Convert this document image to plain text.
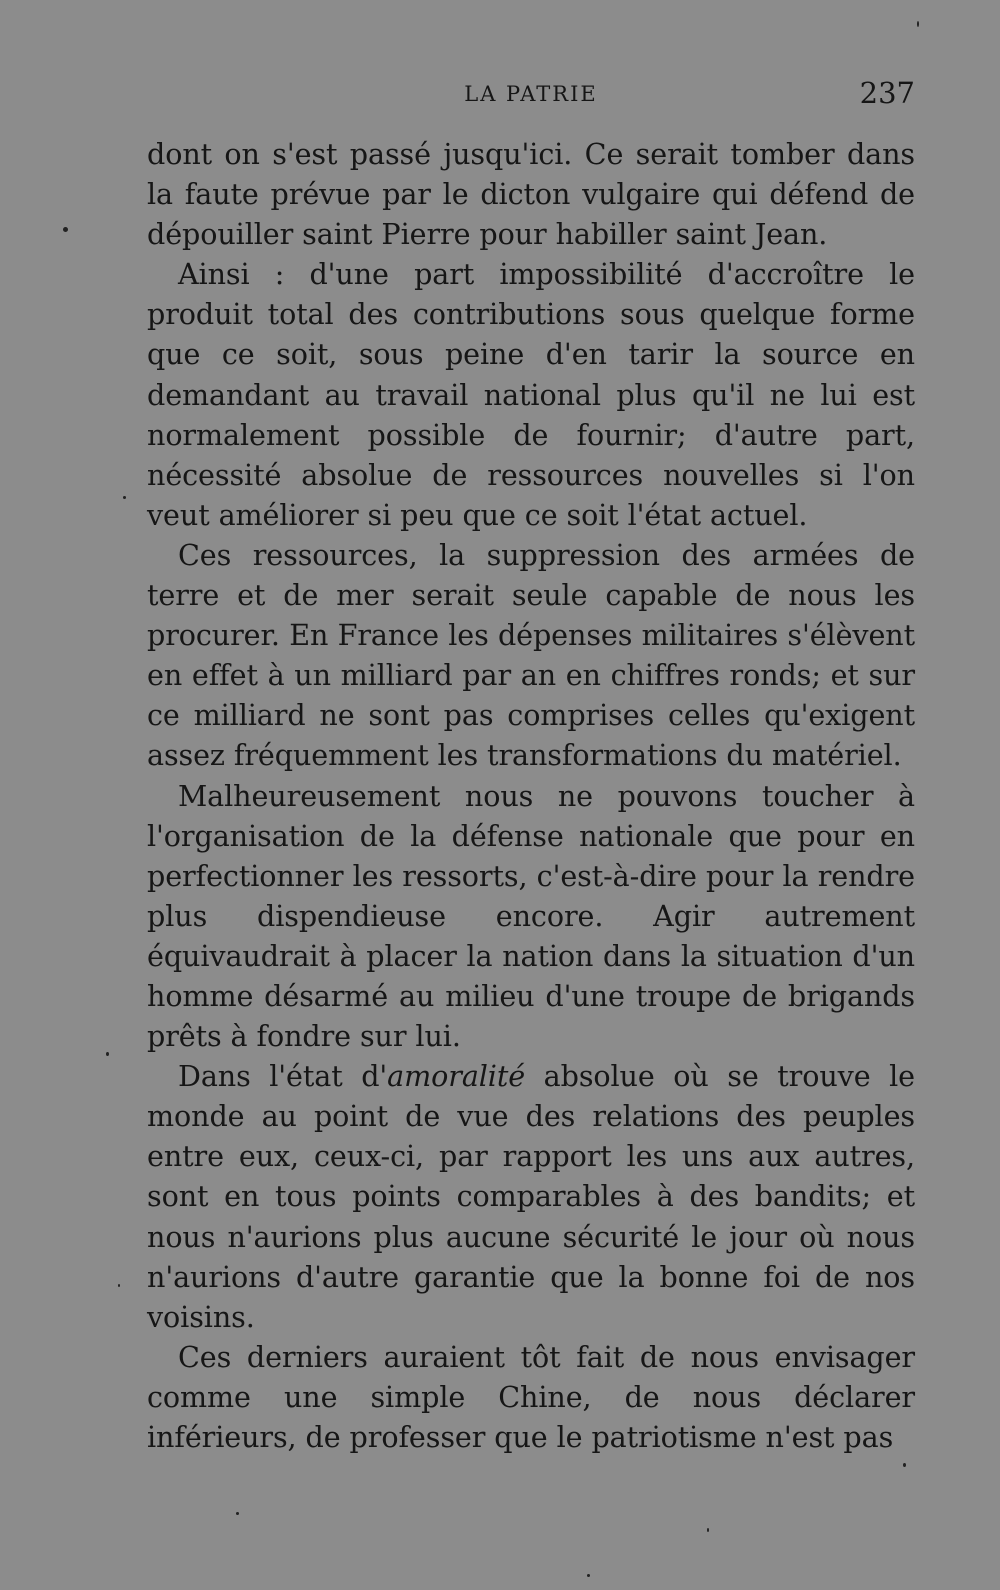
LA PATRIE	237

dont on s'est passé jusqu'ici. Ce serait tomber dans la faute prévue par le dicton vulgaire qui défend de dépouiller saint Pierre pour habiller saint Jean.

Ainsi : d'une part impossibilité d'accroître le produit total des contributions sous quelque forme que ce soit, sous peine d'en tarir la source en demandant au travail national plus qu'il ne lui est normalement possible de fournir; d'autre part, nécessité absolue de ressources nouvelles si l'on veut améliorer si peu que ce soit l'état actuel.

Ces ressources, la suppression des armées de terre et de mer serait seule capable de nous les procurer. En France les dépenses militaires s'élèvent en effet à un milliard par an en chiffres ronds; et sur ce milliard ne sont pas comprises celles qu'exigent assez fréquemment les transformations du matériel.

Malheureusement nous ne pouvons toucher à l'organisation de la défense nationale que pour en perfectionner les ressorts, c'est-à-dire pour la rendre plus dispendieuse encore. Agir autrement équivaudrait à placer la nation dans la situation d'un homme désarmé au milieu d'une troupe de brigands prêts à fondre sur lui.

Dans l'état d'amoralité absolue où se trouve le monde au point de vue des relations des peuples entre eux, ceux-ci, par rapport les uns aux autres, sont en tous points comparables à des bandits; et nous n'aurions plus aucune sécurité le jour où nous n'aurions d'autre garantie que la bonne foi de nos voisins.

Ces derniers auraient tôt fait de nous envisager comme une simple Chine, de nous déclarer inférieurs, de professer que le patriotisme n'est pas
